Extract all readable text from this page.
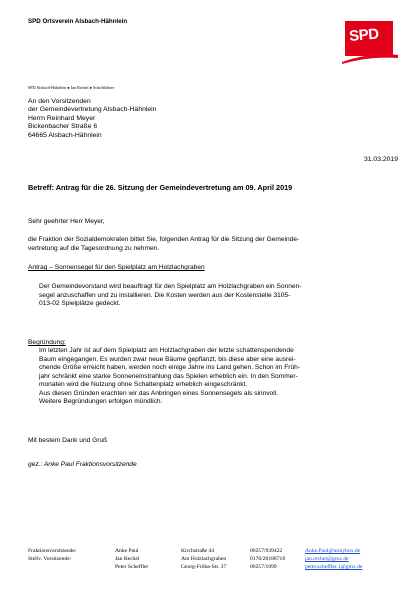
SPD Ortsverein Alsbach-Hähnlein
SPD
SPD Alsbach-Hähnlein ● Jan Rechel ● Schriftführer
An den Vorsitzenden
der Gemeindevertretung Alsbach-Hähnlein
Herrn Reinhard Meyer
Bickenbacher Straße 6
64665 Alsbach-Hähnlein
31.03.2019
Betreff: Antrag für die 26. Sitzung der Gemeindevertretung am 09. April 2019
Sehr geehrter Herr Meyer,
die Fraktion der Sozialdemokraten bittet Sie, folgenden Antrag für die Sitzung der Gemeinde-
vertretung auf die Tagesordnung zu nehmen.
Antrag – Sonnensegel für den Spielplatz am Holzlachgraben
Der Gemeindevorstand wird beauftragt für den Spielplatz am Holzlachgraben ein Sonnen-
segel anzuschaffen und zu installieren. Die Kosten werden aus der Kostenstelle 3105-
013-02 Spielplätze gedeckt.
Begründung:
Im letzten Jahr ist auf dem Spielplatz am Holzlachgraben der letzte schattenspendende
Baum eingegangen. Es wurden zwar neue Bäume gepflanzt, bis diese aber eine ausrei-
chende Größe erreicht haben, werden noch einige Jahre ins Land gehen. Schon im Früh-
jahr schränkt eine starke Sonneneinstrahlung das Spielen erheblich ein. In den Sommer-
monaten wird die Nutzung ohne Schattenplatz erheblich eingeschränkt.
Aus diesen Gründen erachten wir das Anbringen eines Sonnensegels als sinnvoll.
Weitere Begründungen erfolgen mündlich.
Mit bestem Dank und Gruß
gez.: Anke Paul Fraktionsvorsitzende
Fraktionsvorsitzende:
Stellv. Vorsitzende:

Anke Paul
Jan Rechel
Peter Scheffler
Kirchstraße 44
Am Holzlachgraben
Georg-Fröba-Str. 37
06257/939422
0176/20188718
06257/1099
Anke.Paul@unitybox.de
jan.rechel@gmx.de
peter.scheffler.1@gmx.de
